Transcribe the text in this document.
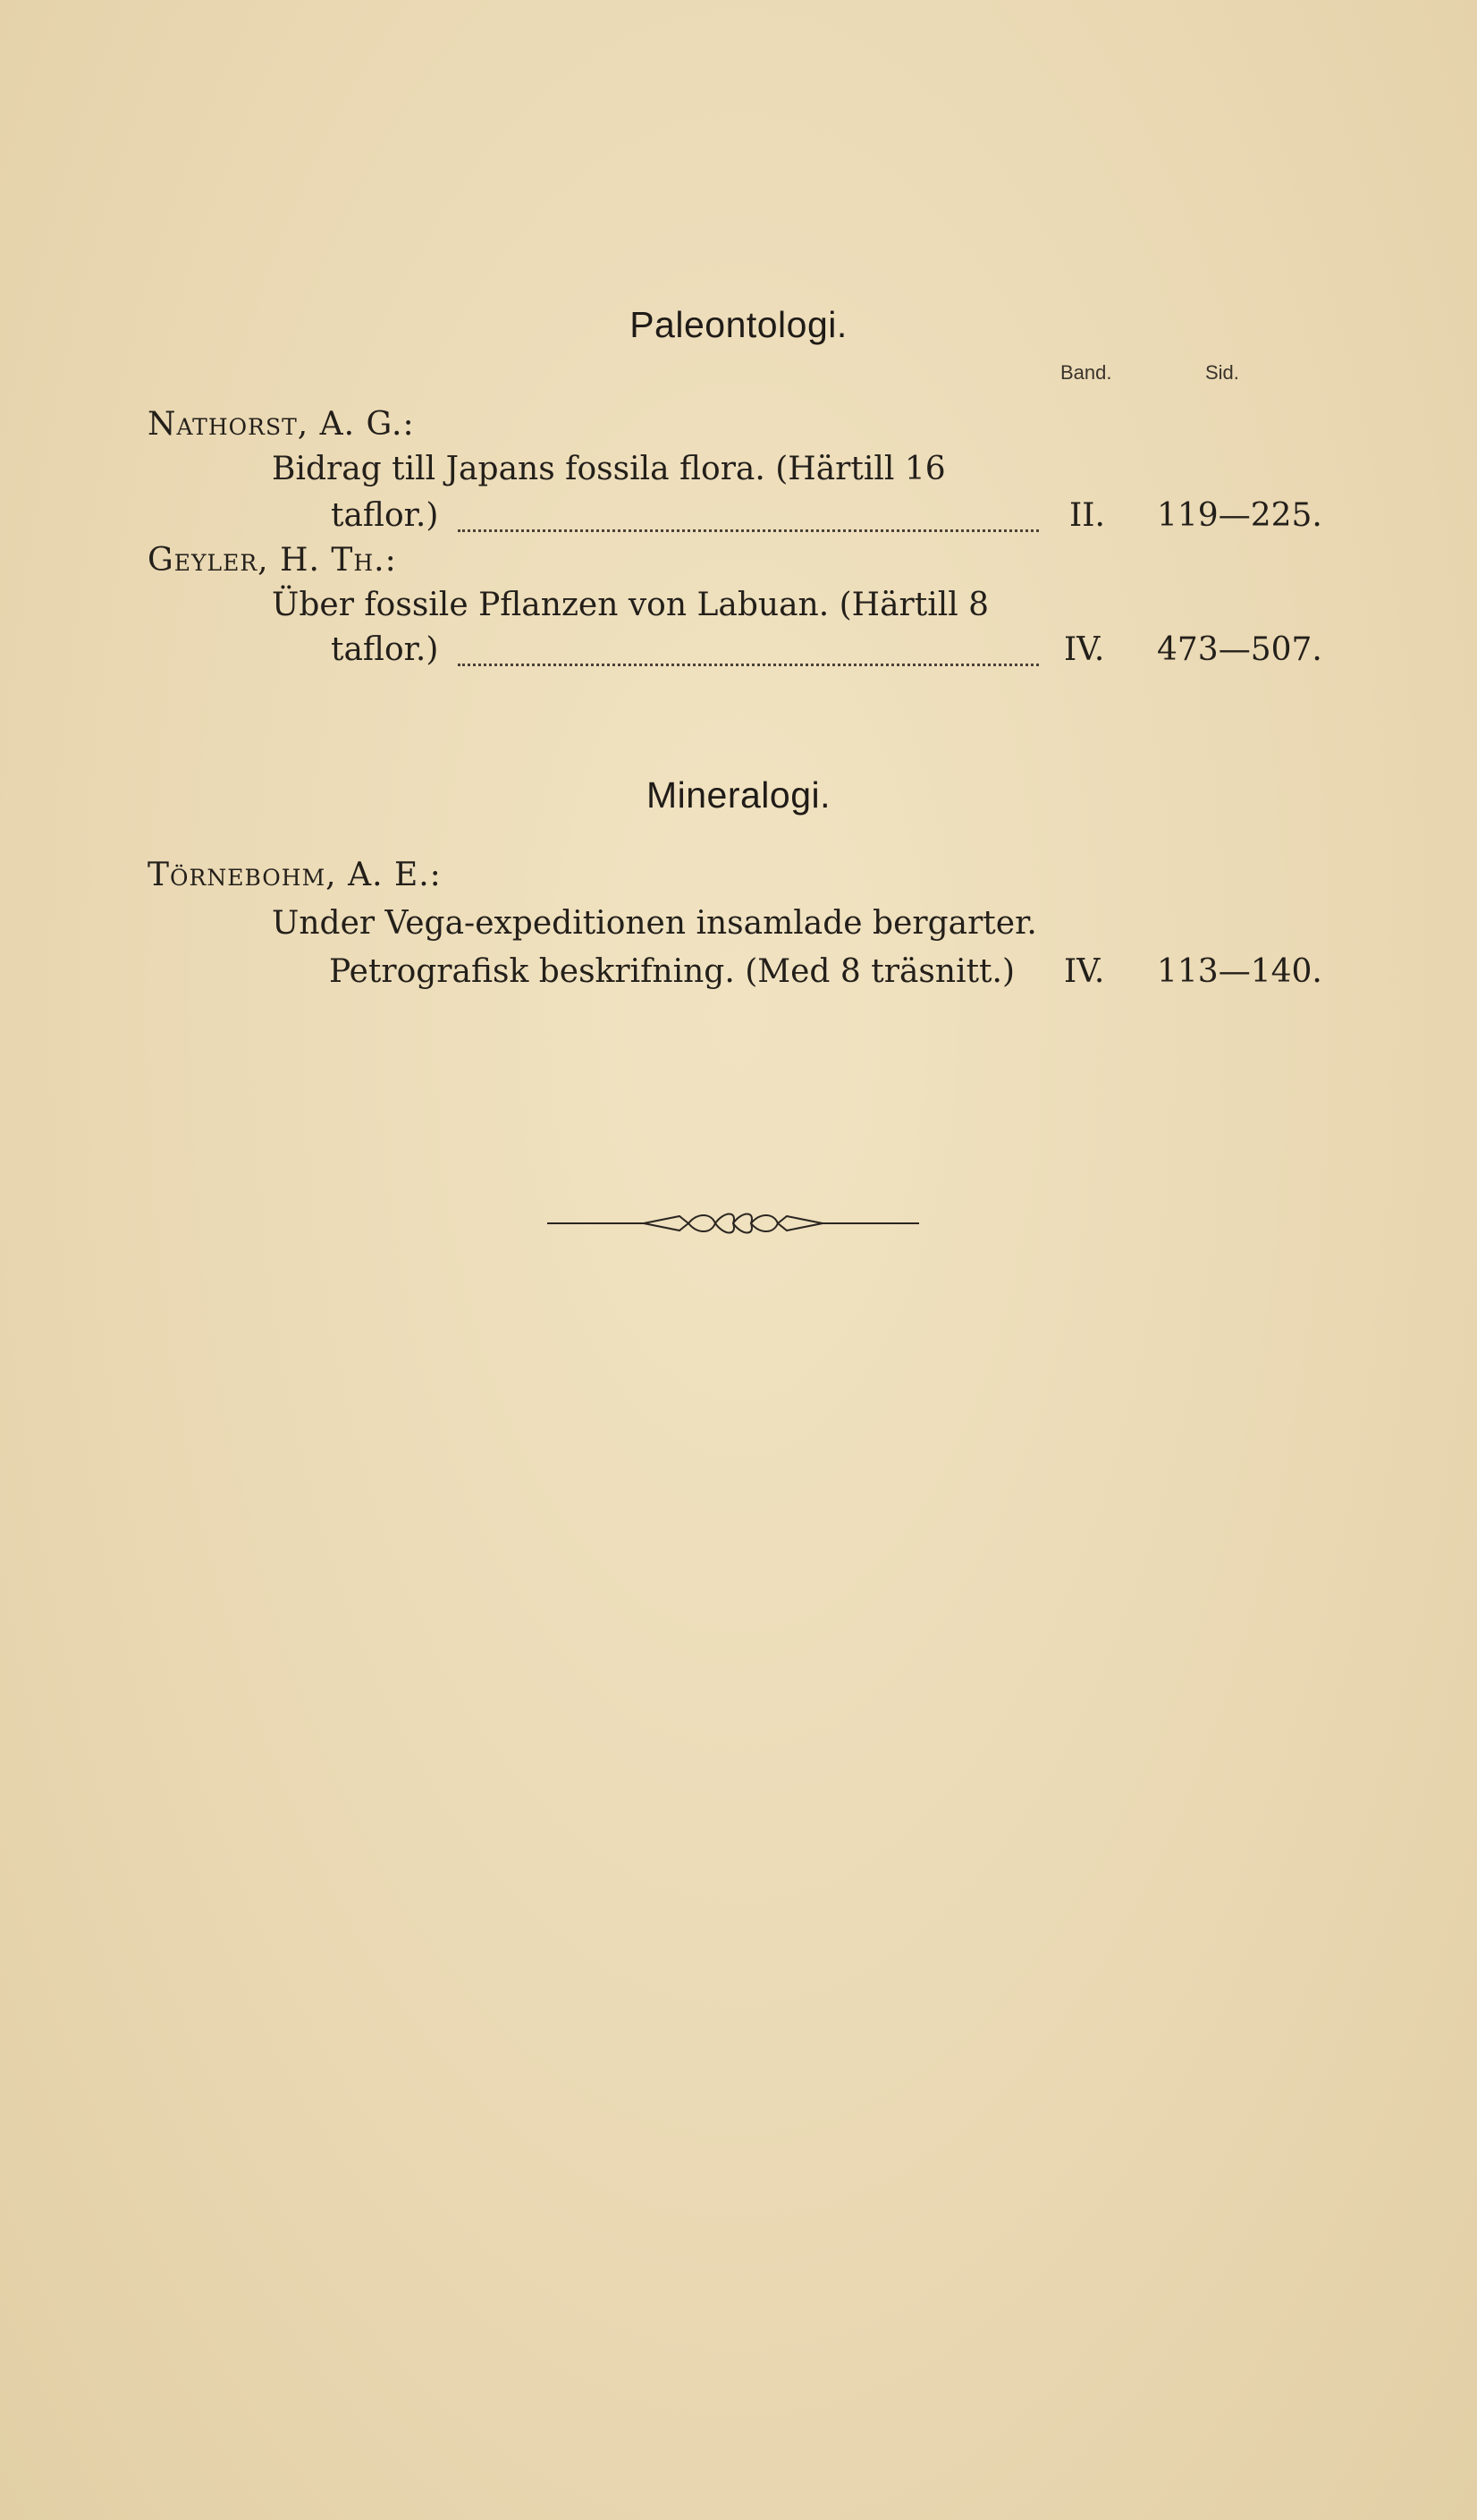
Paleontologi.
Band.	Sid.
Nathorst, A. G.:
Bidrag till Japans fossila flora. (Härtill 16
taflor.)	II. 119—225.
Geyler, H. Th.:
Über fossile Pflanzen von Labuan. (Härtill 8
taflor.)	IV. 473—507.
Mineralogi.
Törnebohm, A. E.:
Under Vega-expeditionen insamlade bergarter.
Petrografisk beskrifning. (Med 8 träsnitt.) IV. 113—140.
